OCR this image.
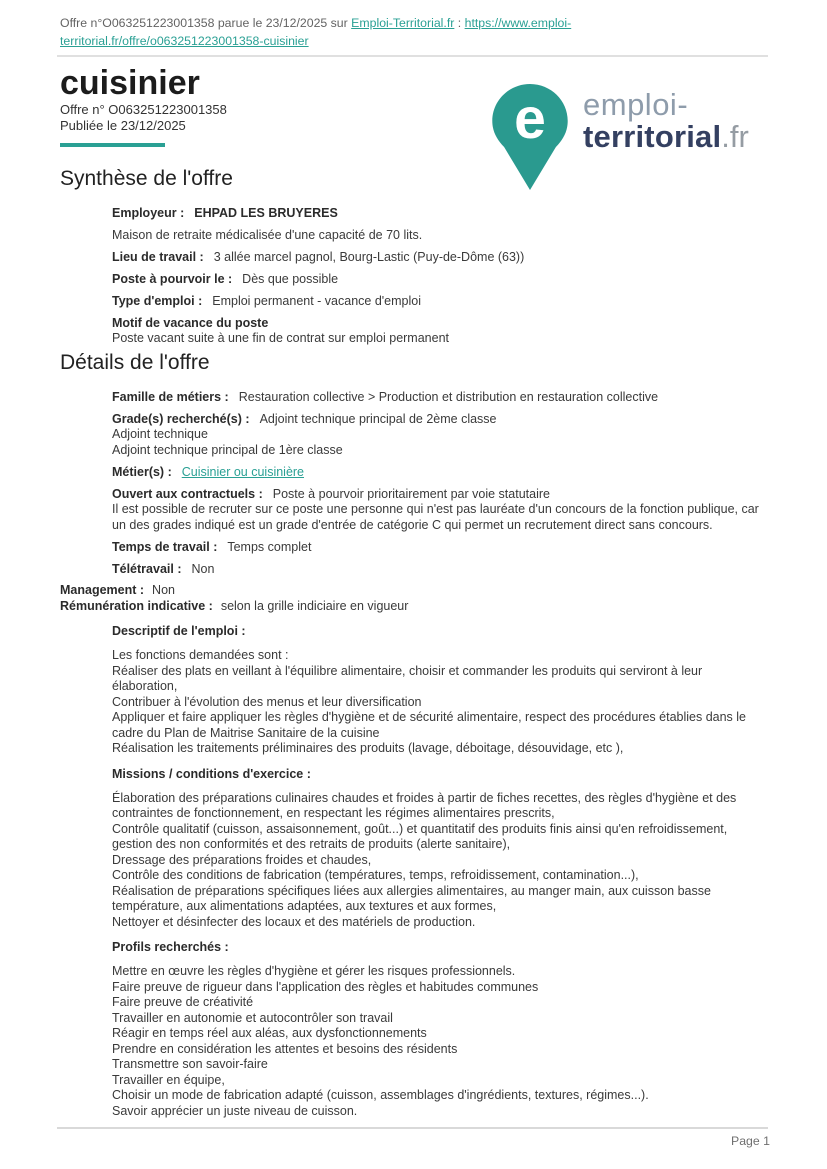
Offre n°O063251223001358 parue le 23/12/2025 sur Emploi-Territorial.fr : https://www.emploi-territorial.fr/offre/o063251223001358-cuisinier
cuisinier
Offre n° O063251223001358
Publiée le 23/12/2025	e emploi-
territorial.fr
Synthèse de l'offre
Employeur : EHPAD LES BRUYERES
Maison de retraite médicalisée d'une capacité de 70 lits.
Lieu de travail : 3 allée marcel pagnol, Bourg-Lastic (Puy-de-Dôme (63))
Poste à pourvoir le : Dès que possible
Type d'emploi : Emploi permanent - vacance d'emploi
Motif de vacance du poste
Poste vacant suite à une fin de contrat sur emploi permanent
Détails de l'offre
Famille de métiers : Restauration collective > Production et distribution en restauration collective
Grade(s) recherché(s) : Adjoint technique principal de 2ème classe
Adjoint technique
Adjoint technique principal de 1ère classe
Métier(s) : Cuisinier ou cuisinière
Ouvert aux contractuels : Poste à pourvoir prioritairement par voie statutaire
Il est possible de recruter sur ce poste une personne qui n'est pas lauréate d'un concours de la fonction publique, car un des grades indiqué est un grade d'entrée de catégorie C qui permet un recrutement direct sans concours.
Temps de travail : Temps complet
Télétravail : Non
Management : Non
Rémunération indicative : selon la grille indiciaire en vigueur
Descriptif de l'emploi :
Les fonctions demandées sont :
Réaliser des plats en veillant à l'équilibre alimentaire, choisir et commander les produits qui serviront à leur élaboration,
Contribuer à l'évolution des menus et leur diversification
Appliquer et faire appliquer les règles d'hygiène et de sécurité alimentaire, respect des procédures établies dans le cadre du Plan de Maitrise Sanitaire de la cuisine
Réalisation les traitements préliminaires des produits (lavage, déboitage, désouvidage, etc ),
Missions / conditions d'exercice :
Élaboration des préparations culinaires chaudes et froides à partir de fiches recettes, des règles d'hygiène et des contraintes de fonctionnement, en respectant les régimes alimentaires prescrits,
Contrôle qualitatif (cuisson, assaisonnement, goût...) et quantitatif des produits finis ainsi qu'en refroidissement, gestion des non conformités et des retraits de produits (alerte sanitaire),
Dressage des préparations froides et chaudes,
Contrôle des conditions de fabrication (températures, temps, refroidissement, contamination...),
Réalisation de préparations spécifiques liées aux allergies alimentaires, au manger main, aux cuisson basse température, aux alimentations adaptées, aux textures et aux formes,
Nettoyer et désinfecter des locaux et des matériels de production.
Profils recherchés :
Mettre en œuvre les règles d'hygiène et gérer les risques professionnels.
Faire preuve de rigueur dans l'application des règles et habitudes communes
Faire preuve de créativité
Travailler en autonomie et autocontrôler son travail
Réagir en temps réel aux aléas, aux dysfonctionnements
Prendre en considération les attentes et besoins des résidents
Transmettre son savoir-faire
Travailler en équipe,
Choisir un mode de fabrication adapté (cuisson, assemblages d'ingrédients, textures, régimes...).
Savoir apprécier un juste niveau de cuisson.
Page 1
